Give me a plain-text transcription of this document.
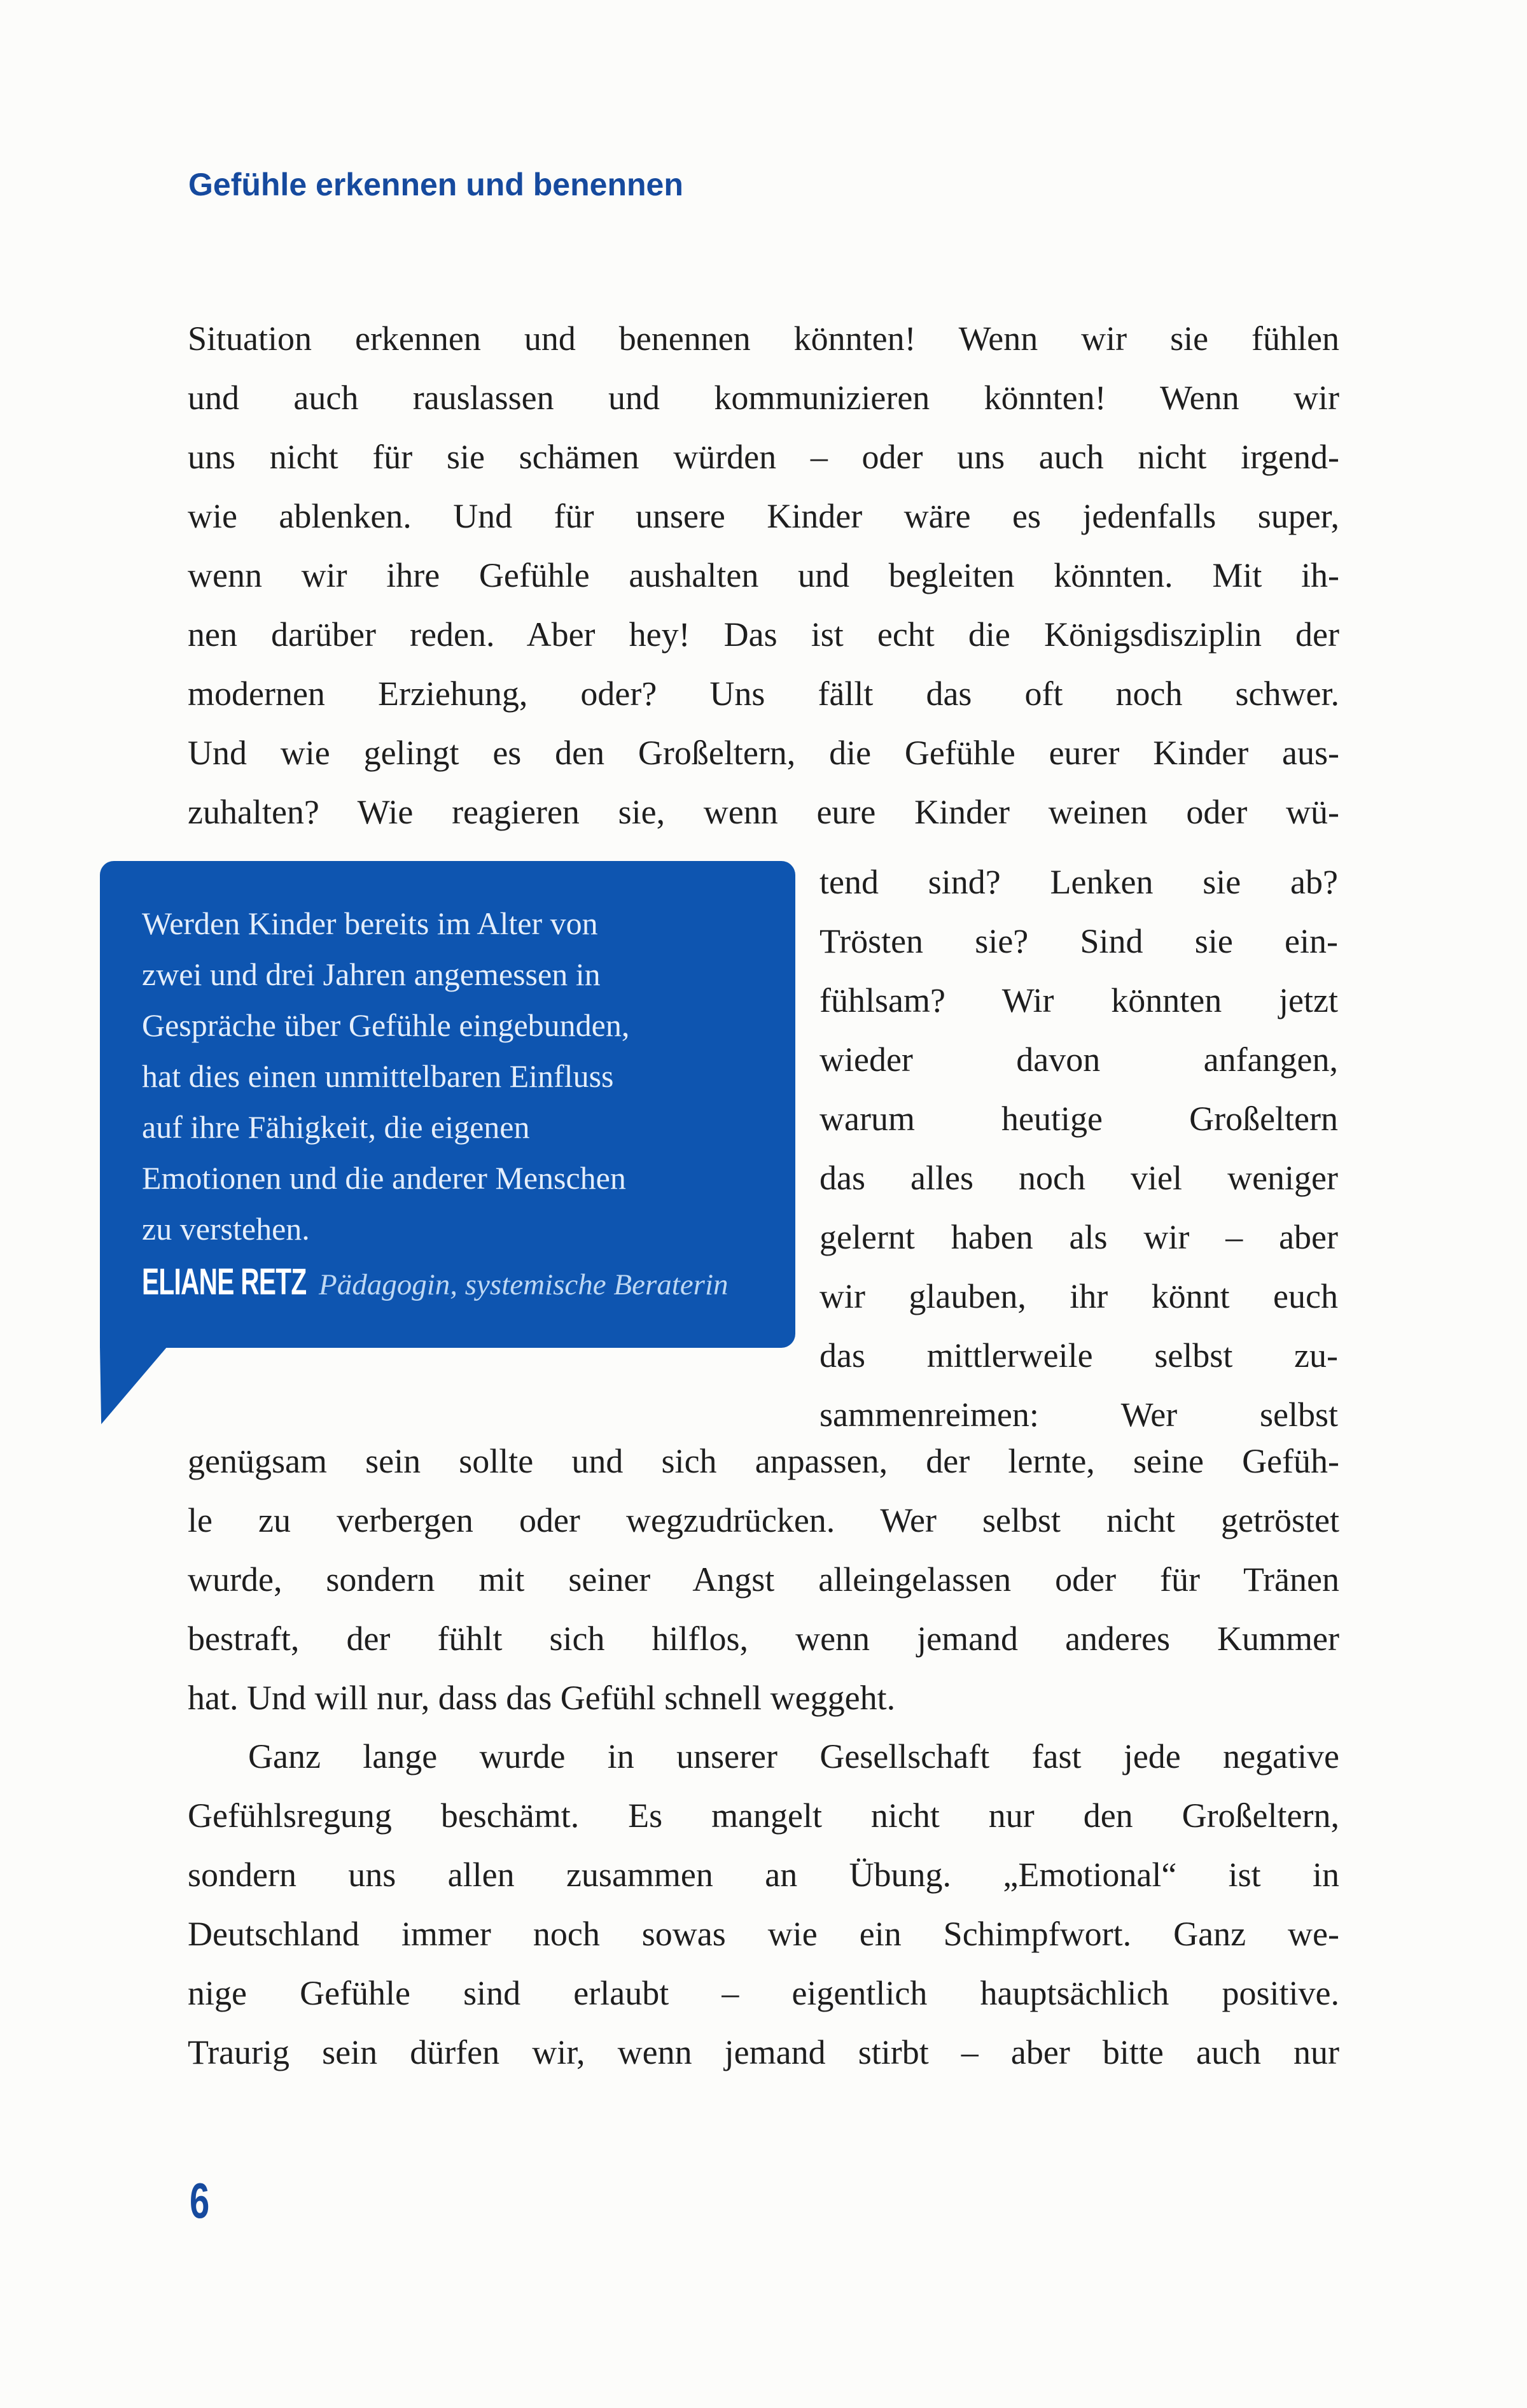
Gefühle erkennen und benennen
Situation erkennen und benennen könnten! Wenn wir sie fühlen
und auch rauslassen und kommunizieren könnten! Wenn wir
uns nicht für sie schämen würden – oder uns auch nicht irgend-
wie ablenken. Und für unsere Kinder wäre es jedenfalls super,
wenn wir ihre Gefühle aushalten und begleiten könnten. Mit ih-
nen darüber reden. Aber hey! Das ist echt die Königsdisziplin der
modernen Erziehung, oder? Uns fällt das oft noch schwer.
Und wie gelingt es den Großeltern, die Gefühle eurer Kinder aus-
zuhalten? Wie reagieren sie, wenn eure Kinder weinen oder wü-
Werden Kinder bereits im Alter von
zwei und drei Jahren angemessen in
Gespräche über Gefühle eingebunden,
hat dies einen unmittelbaren Einfluss
auf ihre Fähigkeit, die eigenen
Emotionen und die anderer Menschen
zu verstehen.
ELIANE RETZ Pädagogin, systemische Beraterin
tend sind? Lenken sie ab?
Trösten sie? Sind sie ein-
fühlsam? Wir könnten jetzt
wieder davon anfangen,
warum heutige Großeltern
das alles noch viel weniger
gelernt haben als wir – aber
wir glauben, ihr könnt euch
das mittlerweile selbst zu-
sammenreimen: Wer selbst
genügsam sein sollte und sich anpassen, der lernte, seine Gefüh-
le zu verbergen oder wegzudrücken. Wer selbst nicht getröstet
wurde, sondern mit seiner Angst alleingelassen oder für Tränen
bestraft, der fühlt sich hilflos, wenn jemand anderes Kummer
hat. Und will nur, dass das Gefühl schnell weggeht.
Ganz lange wurde in unserer Gesellschaft fast jede negative
Gefühlsregung beschämt. Es mangelt nicht nur den Großeltern,
sondern uns allen zusammen an Übung. „Emotional“ ist in
Deutschland immer noch sowas wie ein Schimpfwort. Ganz we-
nige Gefühle sind erlaubt – eigentlich hauptsächlich positive.
Traurig sein dürfen wir, wenn jemand stirbt – aber bitte auch nur
6
